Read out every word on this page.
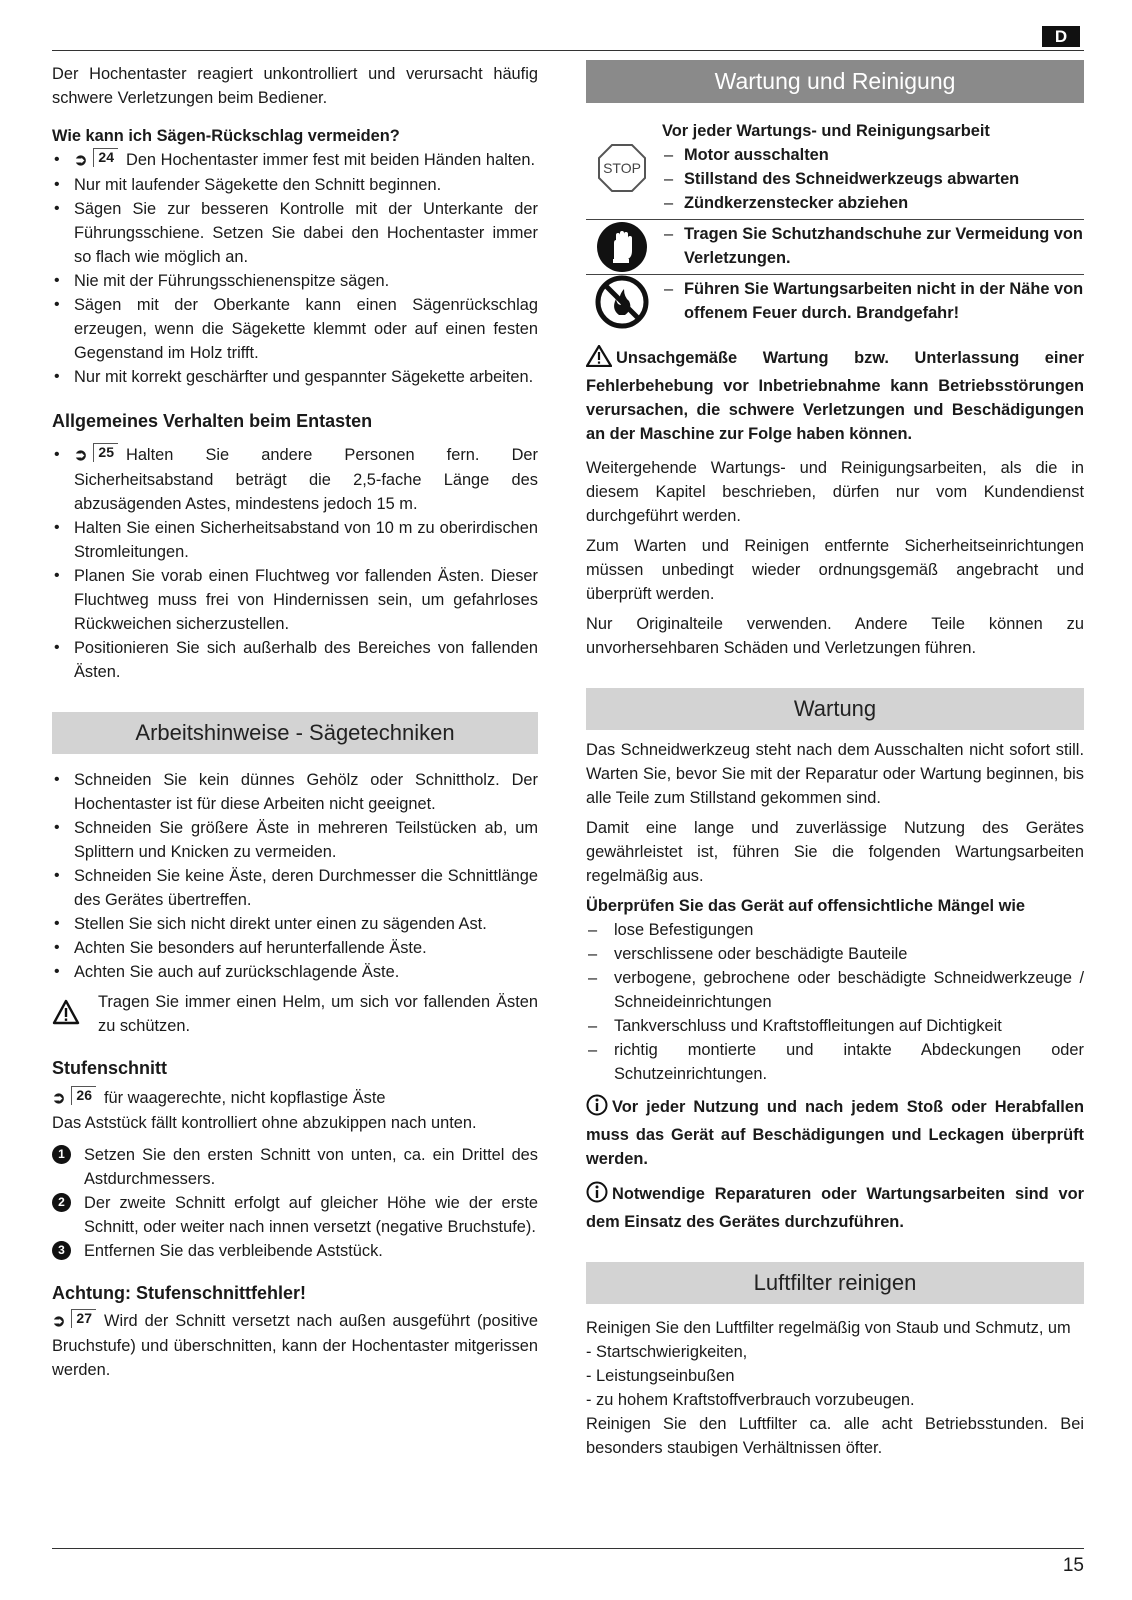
D

Der Hochentaster reagiert unkontrolliert und verursacht häufig schwere Verletzungen beim Bediener.

Wie kann ich Sägen-Rückschlag vermeiden?

• ➲ 24 Den Hochentaster immer fest mit beiden Händen halten.
• Nur mit laufender Sägekette den Schnitt beginnen.
• Sägen Sie zur besseren Kontrolle mit der Unterkante der Führungsschiene. Setzen Sie dabei den Hochentaster immer so flach wie möglich an.
• Nie mit der Führungsschienenspitze sägen.
• Sägen mit der Oberkante kann einen Sägenrückschlag erzeugen, wenn die Sägekette klemmt oder auf einen festen Gegenstand im Holz trifft.
• Nur mit korrekt geschärfter und gespannter Sägekette arbeiten.

Allgemeines Verhalten beim Entasten

• ➲ 25 Halten Sie andere Personen fern. Der Sicherheitsabstand beträgt die 2,5-fache Länge des abzusägenden Astes, mindestens jedoch 15 m.
• Halten Sie einen Sicherheitsabstand von 10 m zu oberirdischen Stromleitungen.
• Planen Sie vorab einen Fluchtweg vor fallenden Ästen. Dieser Fluchtweg muss frei von Hindernissen sein, um gefahrloses Rückweichen sicherzustellen.
• Positionieren Sie sich außerhalb des Bereiches von fallenden Ästen.
Arbeitshinweise - Sägetechniken
• Schneiden Sie kein dünnes Gehölz oder Schnittholz. Der Hochentaster ist für diese Arbeiten nicht geeignet.
• Schneiden Sie größere Äste in mehreren Teilstücken ab, um Splittern und Knicken zu vermeiden.
• Schneiden Sie keine Äste, deren Durchmesser die Schnittlänge des Gerätes übertreffen.
• Stellen Sie sich nicht direkt unter einen zu sägenden Ast.
• Achten Sie besonders auf herunterfallende Äste.
• Achten Sie auch auf zurückschlagende Äste.

Tragen Sie immer einen Helm, um sich vor fallenden Ästen zu schützen.

Stufenschnitt

➲ 26 für waagerechte, nicht kopflastige Äste

Das Aststück fällt kontrolliert ohne abzukippen nach unten.

1	Setzen Sie den ersten Schnitt von unten, ca. ein Drittel des Astdurchmessers.
2	Der zweite Schnitt erfolgt auf gleicher Höhe wie der erste Schnitt, oder weiter nach innen versetzt (negative Bruchstufe).
3	Entfernen Sie das verbleibende Aststück.

Achtung: Stufenschnittfehler!

➲ 27 Wird der Schnitt versetzt nach außen ausgeführt (positive Bruchstufe) und überschnitten, kann der Hochentaster mitgerissen werden.

Wartung und Reinigung
STOP
Vor jeder Wartungs- und Reinigungsarbeit
– Motor ausschalten
– Stillstand des Schneidwerkzeugs abwarten
– Zündkerzenstecker abziehen
– Tragen Sie Schutzhandschuhe zur Vermeidung von Verletzungen.
– Führen Sie Wartungsarbeiten nicht in der Nähe von offenem Feuer durch. Brandgefahr!

Unsachgemäße Wartung bzw. Unterlassung einer Fehlerbehebung vor Inbetriebnahme kann Betriebsstörungen verursachen, die schwere Verletzungen und Beschädigungen an der Maschine zur Folge haben können.

Weitergehende Wartungs- und Reinigungsarbeiten, als die in diesem Kapitel beschrieben, dürfen nur vom Kundendienst durchgeführt werden.

Zum Warten und Reinigen entfernte Sicherheitseinrichtungen müssen unbedingt wieder ordnungsgemäß angebracht und überprüft werden.

Nur Originalteile verwenden. Andere Teile können zu unvorhersehbaren Schäden und Verletzungen führen.

Wartung

Das Schneidwerkzeug steht nach dem Ausschalten nicht sofort still. Warten Sie, bevor Sie mit der Reparatur oder Wartung beginnen, bis alle Teile zum Stillstand gekommen sind.

Damit eine lange und zuverlässige Nutzung des Gerätes gewährleistet ist, führen Sie die folgenden Wartungsarbeiten regelmäßig aus.

Überprüfen Sie das Gerät auf offensichtliche Mängel wie

– lose Befestigungen
– verschlissene oder beschädigte Bauteile
– verbogene, gebrochene oder beschädigte Schneidwerkzeuge / Schneideinrichtungen
– Tankverschluss und Kraftstoffleitungen auf Dichtigkeit
– richtig montierte und intakte Abdeckungen oder Schutzeinrichtungen.

Vor jeder Nutzung und nach jedem Stoß oder Herabfallen muss das Gerät auf Beschädigungen und Leckagen überprüft werden.

Notwendige Reparaturen oder Wartungsarbeiten sind vor dem Einsatz des Gerätes durchzuführen.

Luftfilter reinigen

Reinigen Sie den Luftfilter regelmäßig von Staub und Schmutz, um

- Startschwierigkeiten,

- Leistungseinbußen

- zu hohem Kraftstoffverbrauch vorzubeugen.

Reinigen Sie den Luftfilter ca. alle acht Betriebsstunden. Bei besonders staubigen Verhältnissen öfter.

15
